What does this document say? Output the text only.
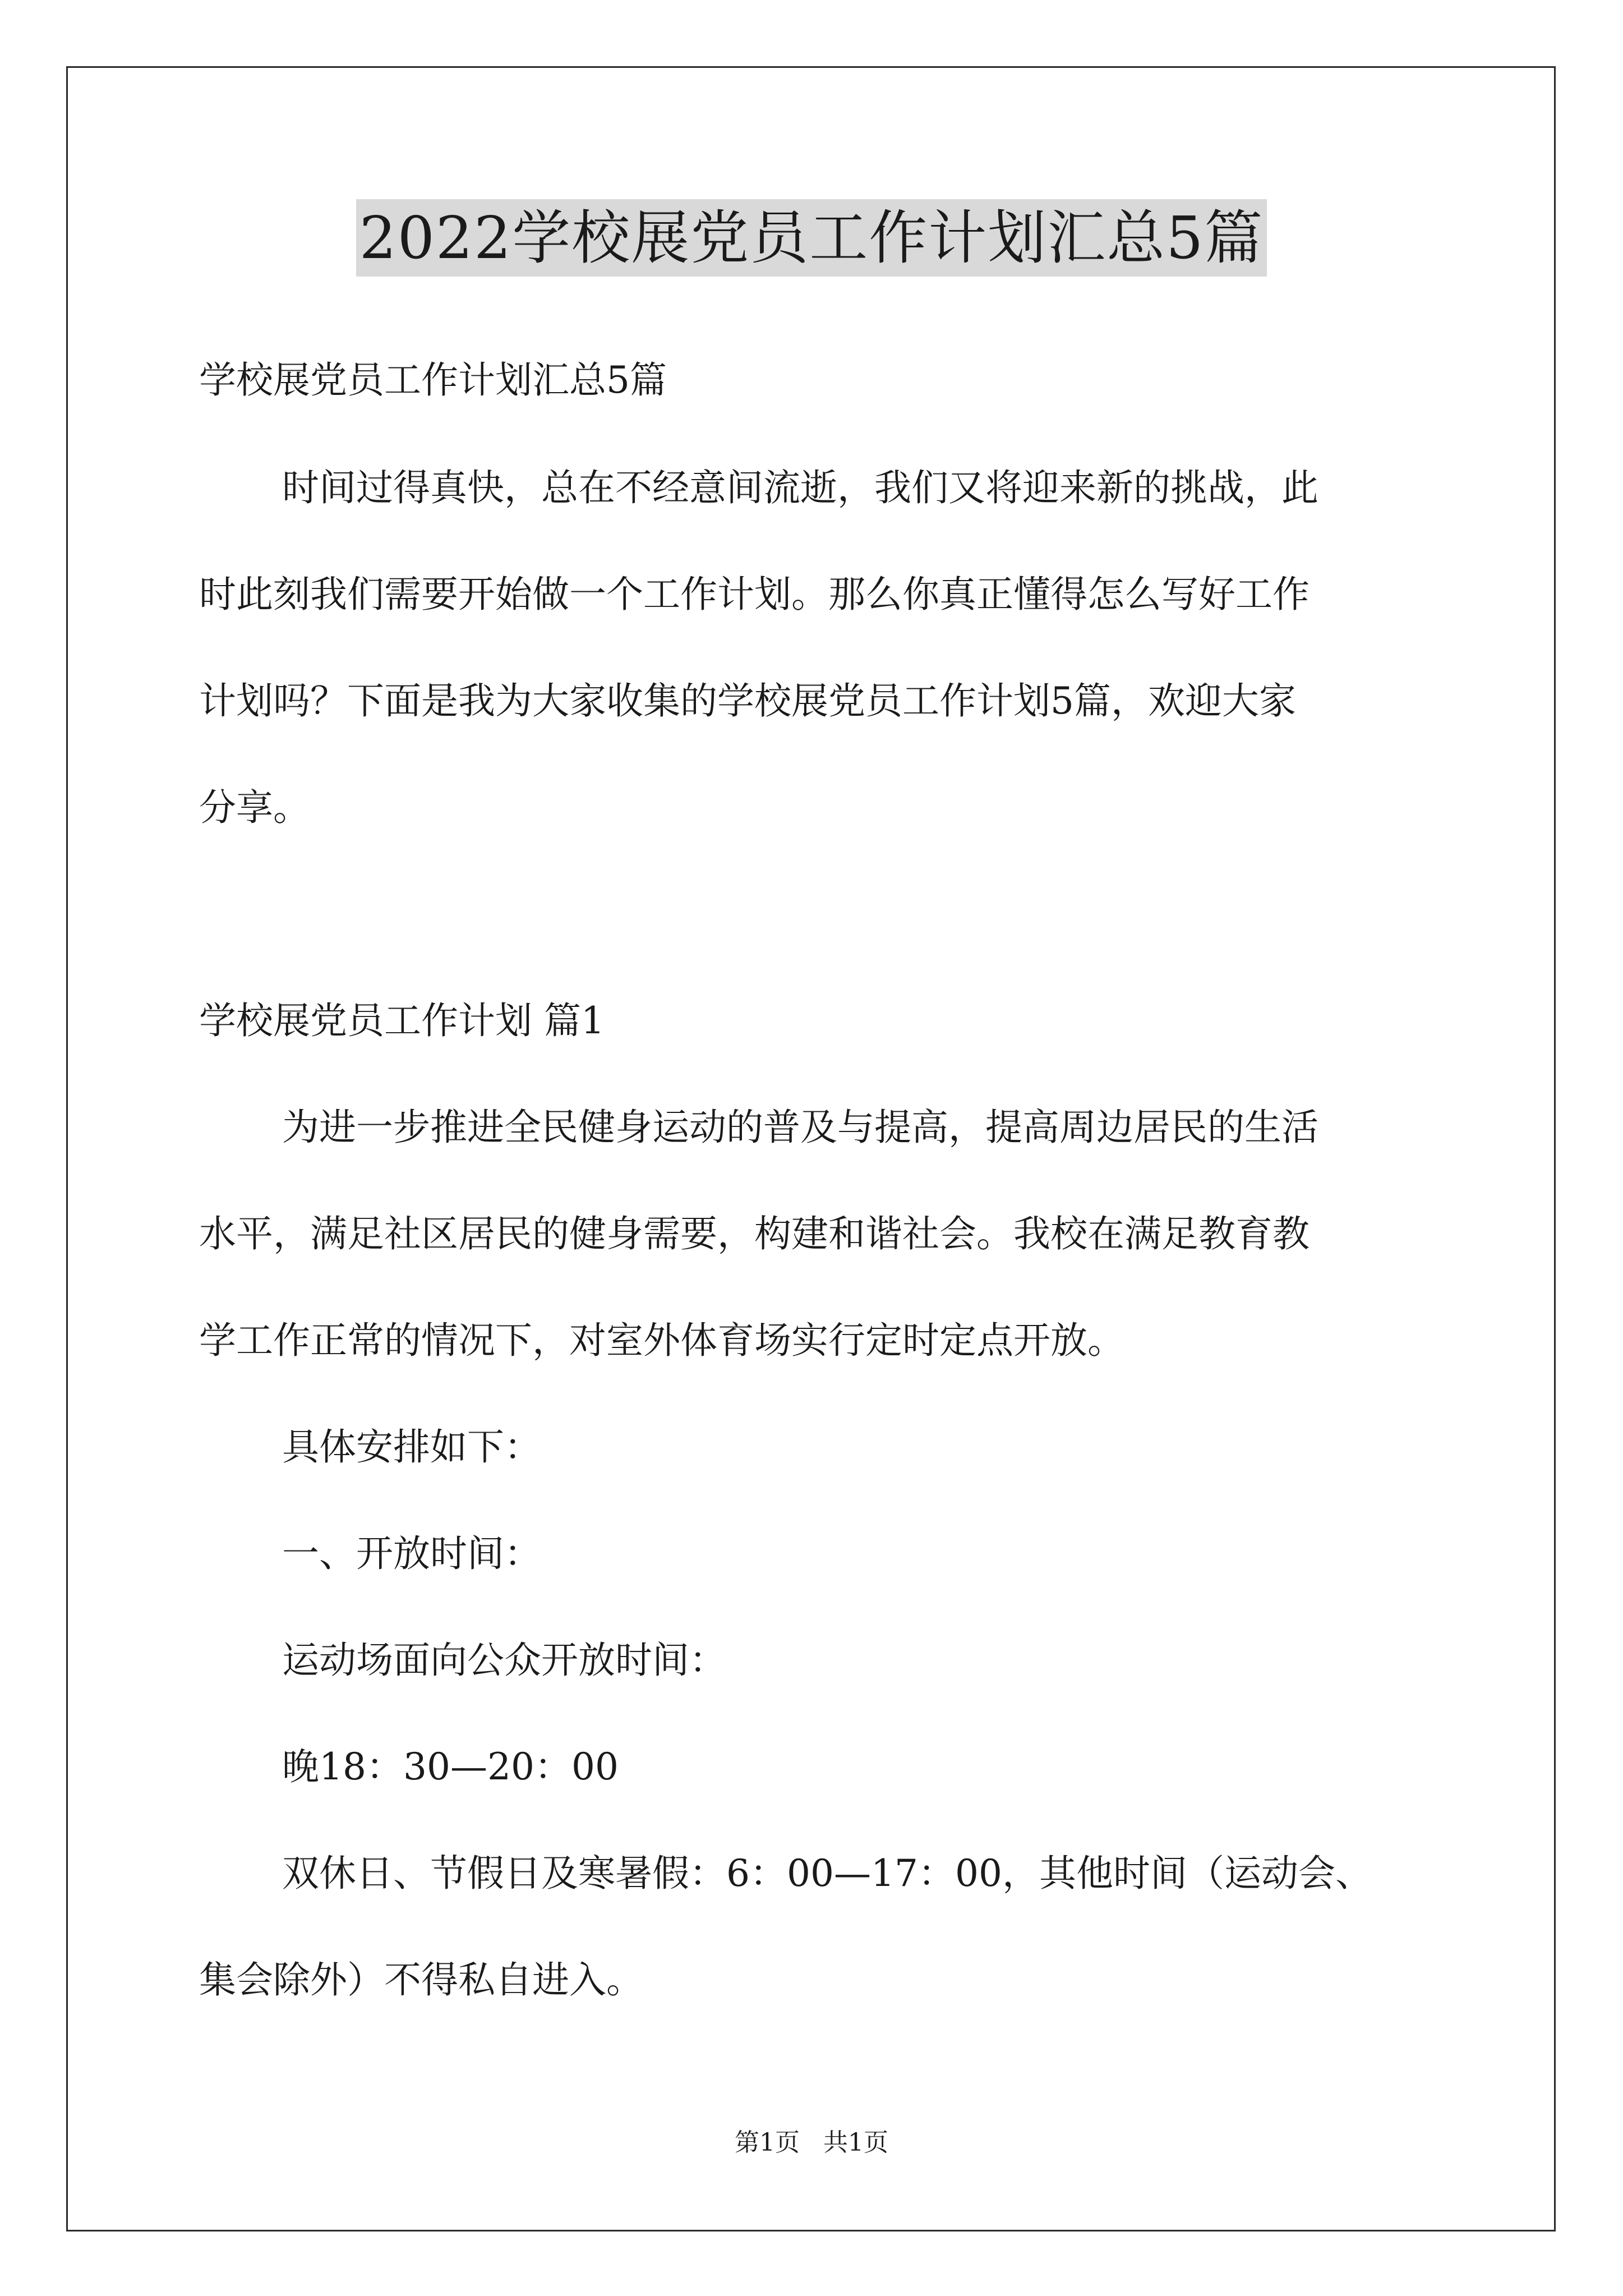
2022学校展党员工作计划汇总5篇
学校展党员工作计划汇总5篇
时间过得真快，总在不经意间流逝，我们又将迎来新的挑战，此
时此刻我们需要开始做一个工作计划。那么你真正懂得怎么写好工作
计划吗？下面是我为大家收集的学校展党员工作计划5篇，欢迎大家
分享。
学校展党员工作计划 篇1
为进一步推进全民健身运动的普及与提高，提高周边居民的生活
水平，满足社区居民的健身需要，构建和谐社会。我校在满足教育教
学工作正常的情况下，对室外体育场实行定时定点开放。
具体安排如下：
一、开放时间：
运动场面向公众开放时间：
晚18：30—20：00
双休日、节假日及寒暑假：6：00—17：00，其他时间（运动会、
集会除外）不得私自进入。
第1页   共1页
